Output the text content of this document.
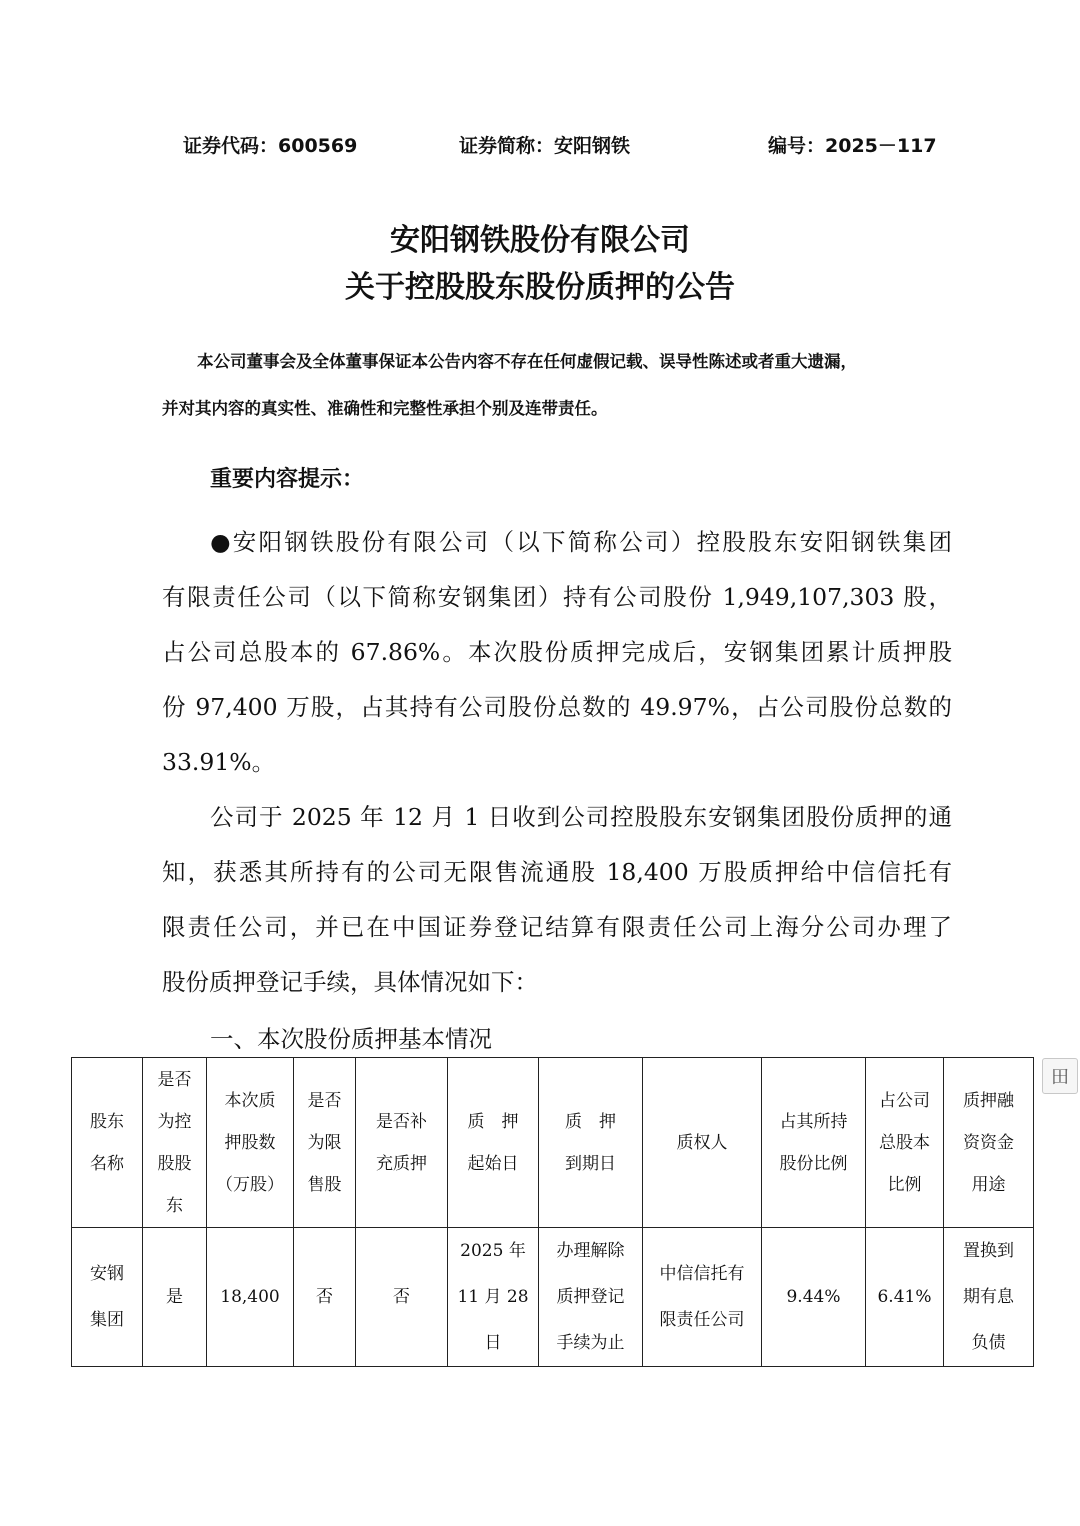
证券代码：600569	证券简称：安阳钢铁	编号：2025－117
安阳钢铁股份有限公司
关于控股股东股份质押的公告
本公司董事会及全体董事保证本公告内容不存在任何虚假记载、误导性陈述或者重大遗漏，
并对其内容的真实性、准确性和完整性承担个别及连带责任。
重要内容提示：
●安阳钢铁股份有限公司（以下简称公司）控股股东安阳钢铁集团
有限责任公司（以下简称安钢集团）持有公司股份 1,949,107,303 股，
占公司总股本的 67.86%。本次股份质押完成后，安钢集团累计质押股
份 97,400 万股，占其持有公司股份总数的 49.97%，占公司股份总数的
33.91%。
公司于 2025 年 12 月 1 日收到公司控股股东安钢集团股份质押的通
知，获悉其所持有的公司无限售流通股 18,400 万股质押给中信信托有
限责任公司，并已在中国证券登记结算有限责任公司上海分公司办理了
股份质押登记手续，具体情况如下：
一、本次股份质押基本情况
田
股东
名称	是否
为控
股股
东	本次质
押股数
（万股）	是否
为限
售股	是否补
充质押	质　押
起始日	质　押
到期日	质权人	占其所持
股份比例	占公司
总股本
比例	质押融
资资金
用途

安钢
集团	是	18,400	否	否	2025 年
11 月 28
日	办理解除
质押登记
手续为止	中信信托有
限责任公司	9.44%	6.41%	置换到
期有息
负债
